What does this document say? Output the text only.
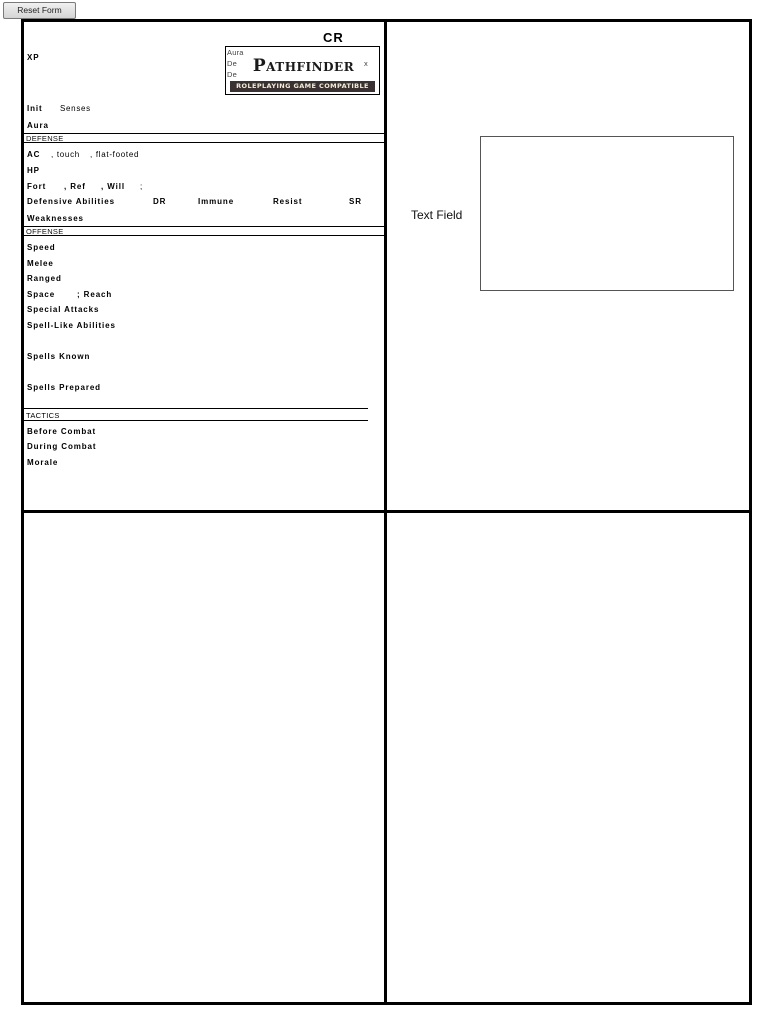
Reset Form
CR
XP
Aura
De
De
x
Pathfinder
ROLEPLAYING GAME COMPATIBLE
Init Senses
Aura
DEFENSE
AC , touch , flat-footed
HP
Fort , Ref , Will ;
Defensive Abilities	DR	Immune	Resist	SR
Weaknesses
OFFENSE
Speed
Melee
Ranged
Space	; Reach
Special Attacks
Spell-Like Abilities
Spells Known
Spells Prepared
TACTICS
Before Combat
During Combat
Morale
Text Field
